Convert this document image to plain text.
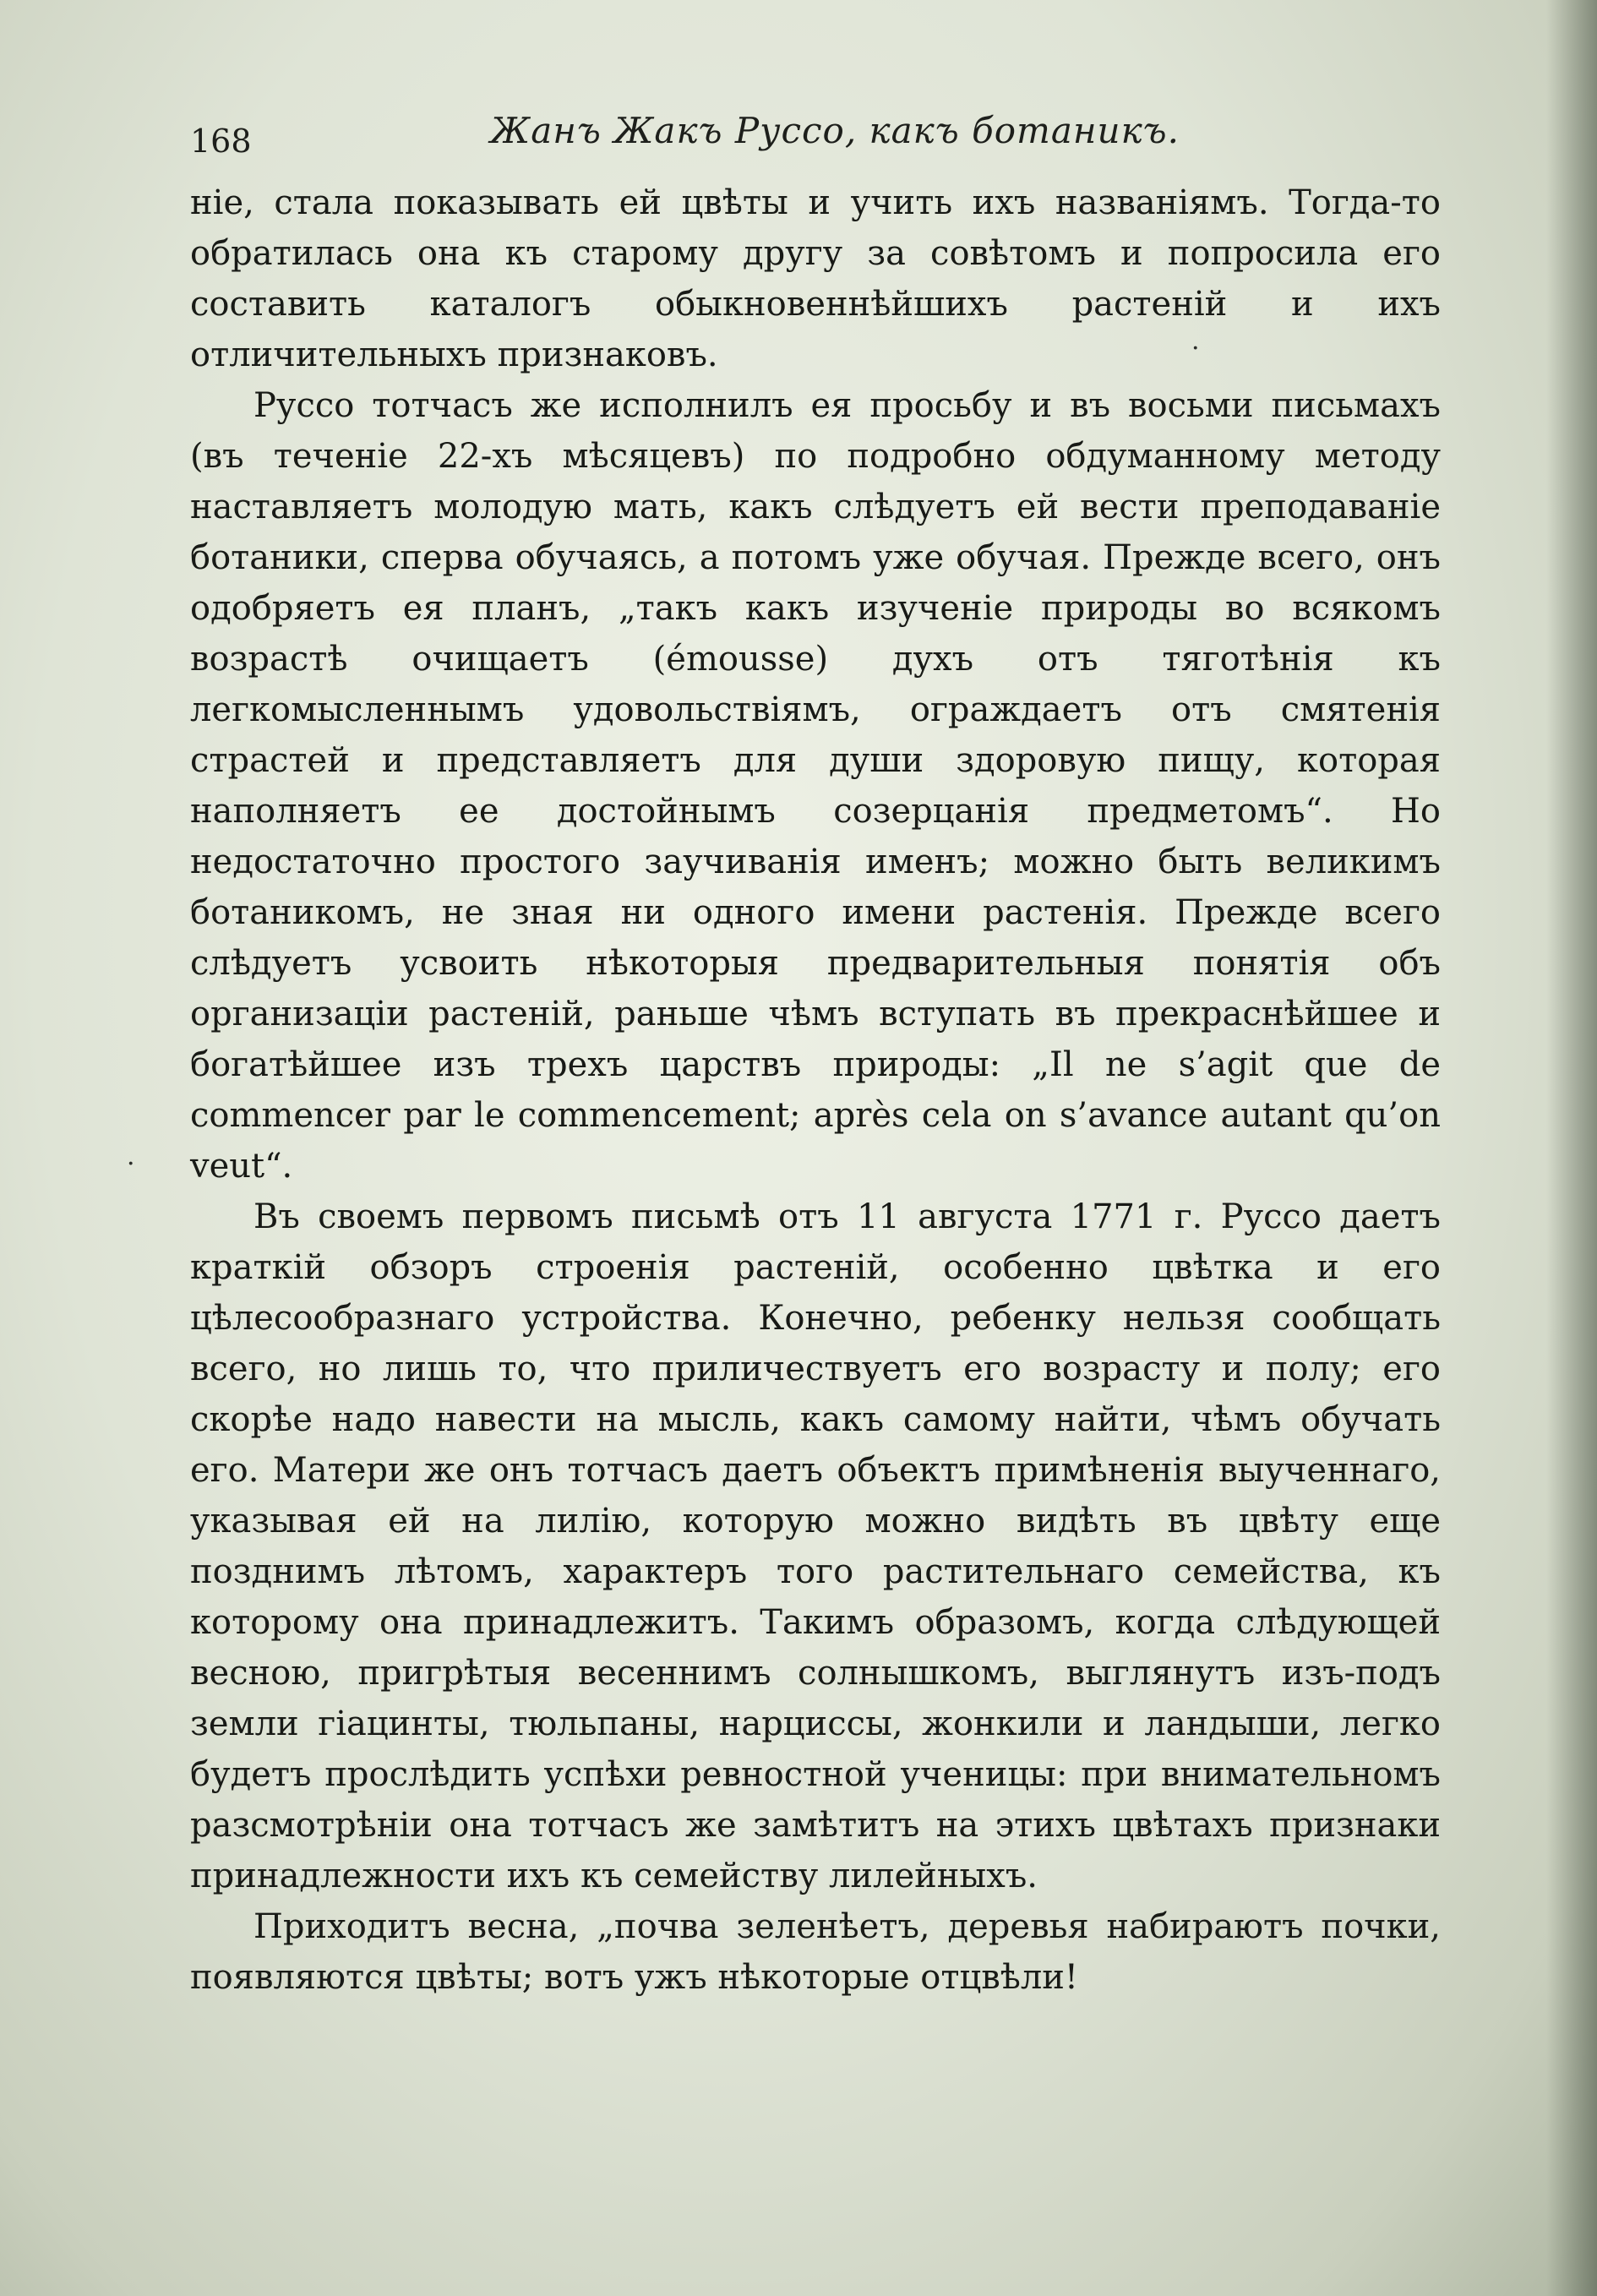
168	Жанъ Жакъ Руссо, какъ ботаникъ.

ніе, стала показывать ей цвѣты и учить ихъ названіямъ. Тогда-то обратилась она къ старому другу за совѣтомъ и попросила его составить каталогъ обыкновеннѣйшихъ растеній и ихъ отличительныхъ признаковъ.

Руссо тотчасъ же исполнилъ ея просьбу и въ восьми письмахъ (въ теченіе 22-хъ мѣсяцевъ) по подробно обдуманному методу наставляетъ молодую мать, какъ слѣдуетъ ей вести преподаваніе ботаники, сперва обучаясь, а потомъ уже обучая. Прежде всего, онъ одобряетъ ея планъ, „такъ какъ изученіе природы во всякомъ возрастѣ очищаетъ (émousse) духъ отъ тяготѣнія къ легкомысленнымъ удовольствіямъ, ограждаетъ отъ смятенія страстей и представляетъ для души здоровую пищу, которая наполняетъ ее достойнымъ созерцанія предметомъ“. Но недостаточно простого заучиванія именъ; можно быть великимъ ботаникомъ, не зная ни одного имени растенія. Прежде всего слѣдуетъ усвоить нѣкоторыя предварительныя понятія объ организаціи растеній, раньше чѣмъ вступать въ прекраснѣйшее и богатѣйшее изъ трехъ царствъ природы: „Il ne s’agit que de commencer par le commencement; après cela on s’avance autant qu’on veut“.

Въ своемъ первомъ письмѣ отъ 11 августа 1771 г. Руссо даетъ краткій обзоръ строенія растеній, особенно цвѣтка и его цѣлесообразнаго устройства. Конечно, ребенку нельзя сообщать всего, но лишь то, что приличествуетъ его возрасту и полу; его скорѣе надо навести на мысль, какъ самому найти, чѣмъ обучать его. Матери же онъ тотчасъ даетъ объектъ примѣненія выученнаго, указывая ей на лилію, которую можно видѣть въ цвѣту еще позднимъ лѣтомъ, характеръ того растительнаго семейства, къ которому она принадлежитъ. Такимъ образомъ, когда слѣдующей весною, пригрѣтыя весеннимъ солнышкомъ, выглянутъ изъ-подъ земли гіацинты, тюльпаны, нарциссы, жонкили и ландыши, легко будетъ прослѣдить успѣхи ревностной ученицы: при внимательномъ разсмотрѣніи она тотчасъ же замѣтитъ на этихъ цвѣтахъ признаки принадлежности ихъ къ семейству лилейныхъ.

Приходитъ весна, „почва зеленѣетъ, деревья набираютъ почки, появляются цвѣты; вотъ ужъ нѣкоторые отцвѣли!

·
·
